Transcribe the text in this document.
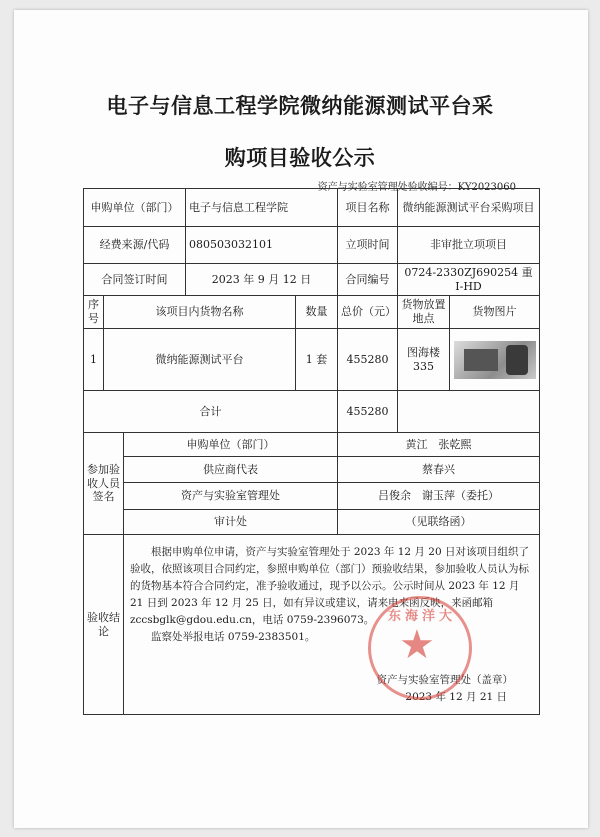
电子与信息工程学院微纳能源测试平台采
购项目验收公示
资产与实验室管理处验收编号：KY2023060
申购单位（部门）			电子与信息工程学院		项目名称	微纳能源测试平台采购项目	
经费来源/代码			080503032101		立项时间	非审批立项项目	
合同签订时间			2023 年 9 月 12 日		合同编号	0724-2330ZJ690254 重 I-HD	
序号	该项目内货物名称			数量	总价（元）	货物放置地点	货物图片
1	微纳能源测试平台			1 套	455280	图海楼 335	

合计					455280		
参加验收人员签名		申购单位（部门）			黄江　张乾熙		
		供应商代表			蔡春兴		
		资产与实验室管理处			吕俊余　谢玉萍（委托）		
		审计处			（见联络函）		
验收结论		根据申购单位申请，资产与实验室管理处于 2023 年 12 月 20 日对该项目组织了验收，依照该项目合同约定，参照申购单位（部门）预验收结果，参加验收人员认为标的货物基本符合合同约定，准予验收通过，现予以公示。公示时间从 2023 年 12 月 21 日到 2023 年 12 月 25 日，如有异议或建议，请来电来函反映，来函邮箱 zccsbglk@gdou.edu.cn，电话 0759-2396073。

监察处举报电话 0759-2383501。

资产与实验室管理处（盖章）
2023 年 12 月 21 日					
东海洋大
★
